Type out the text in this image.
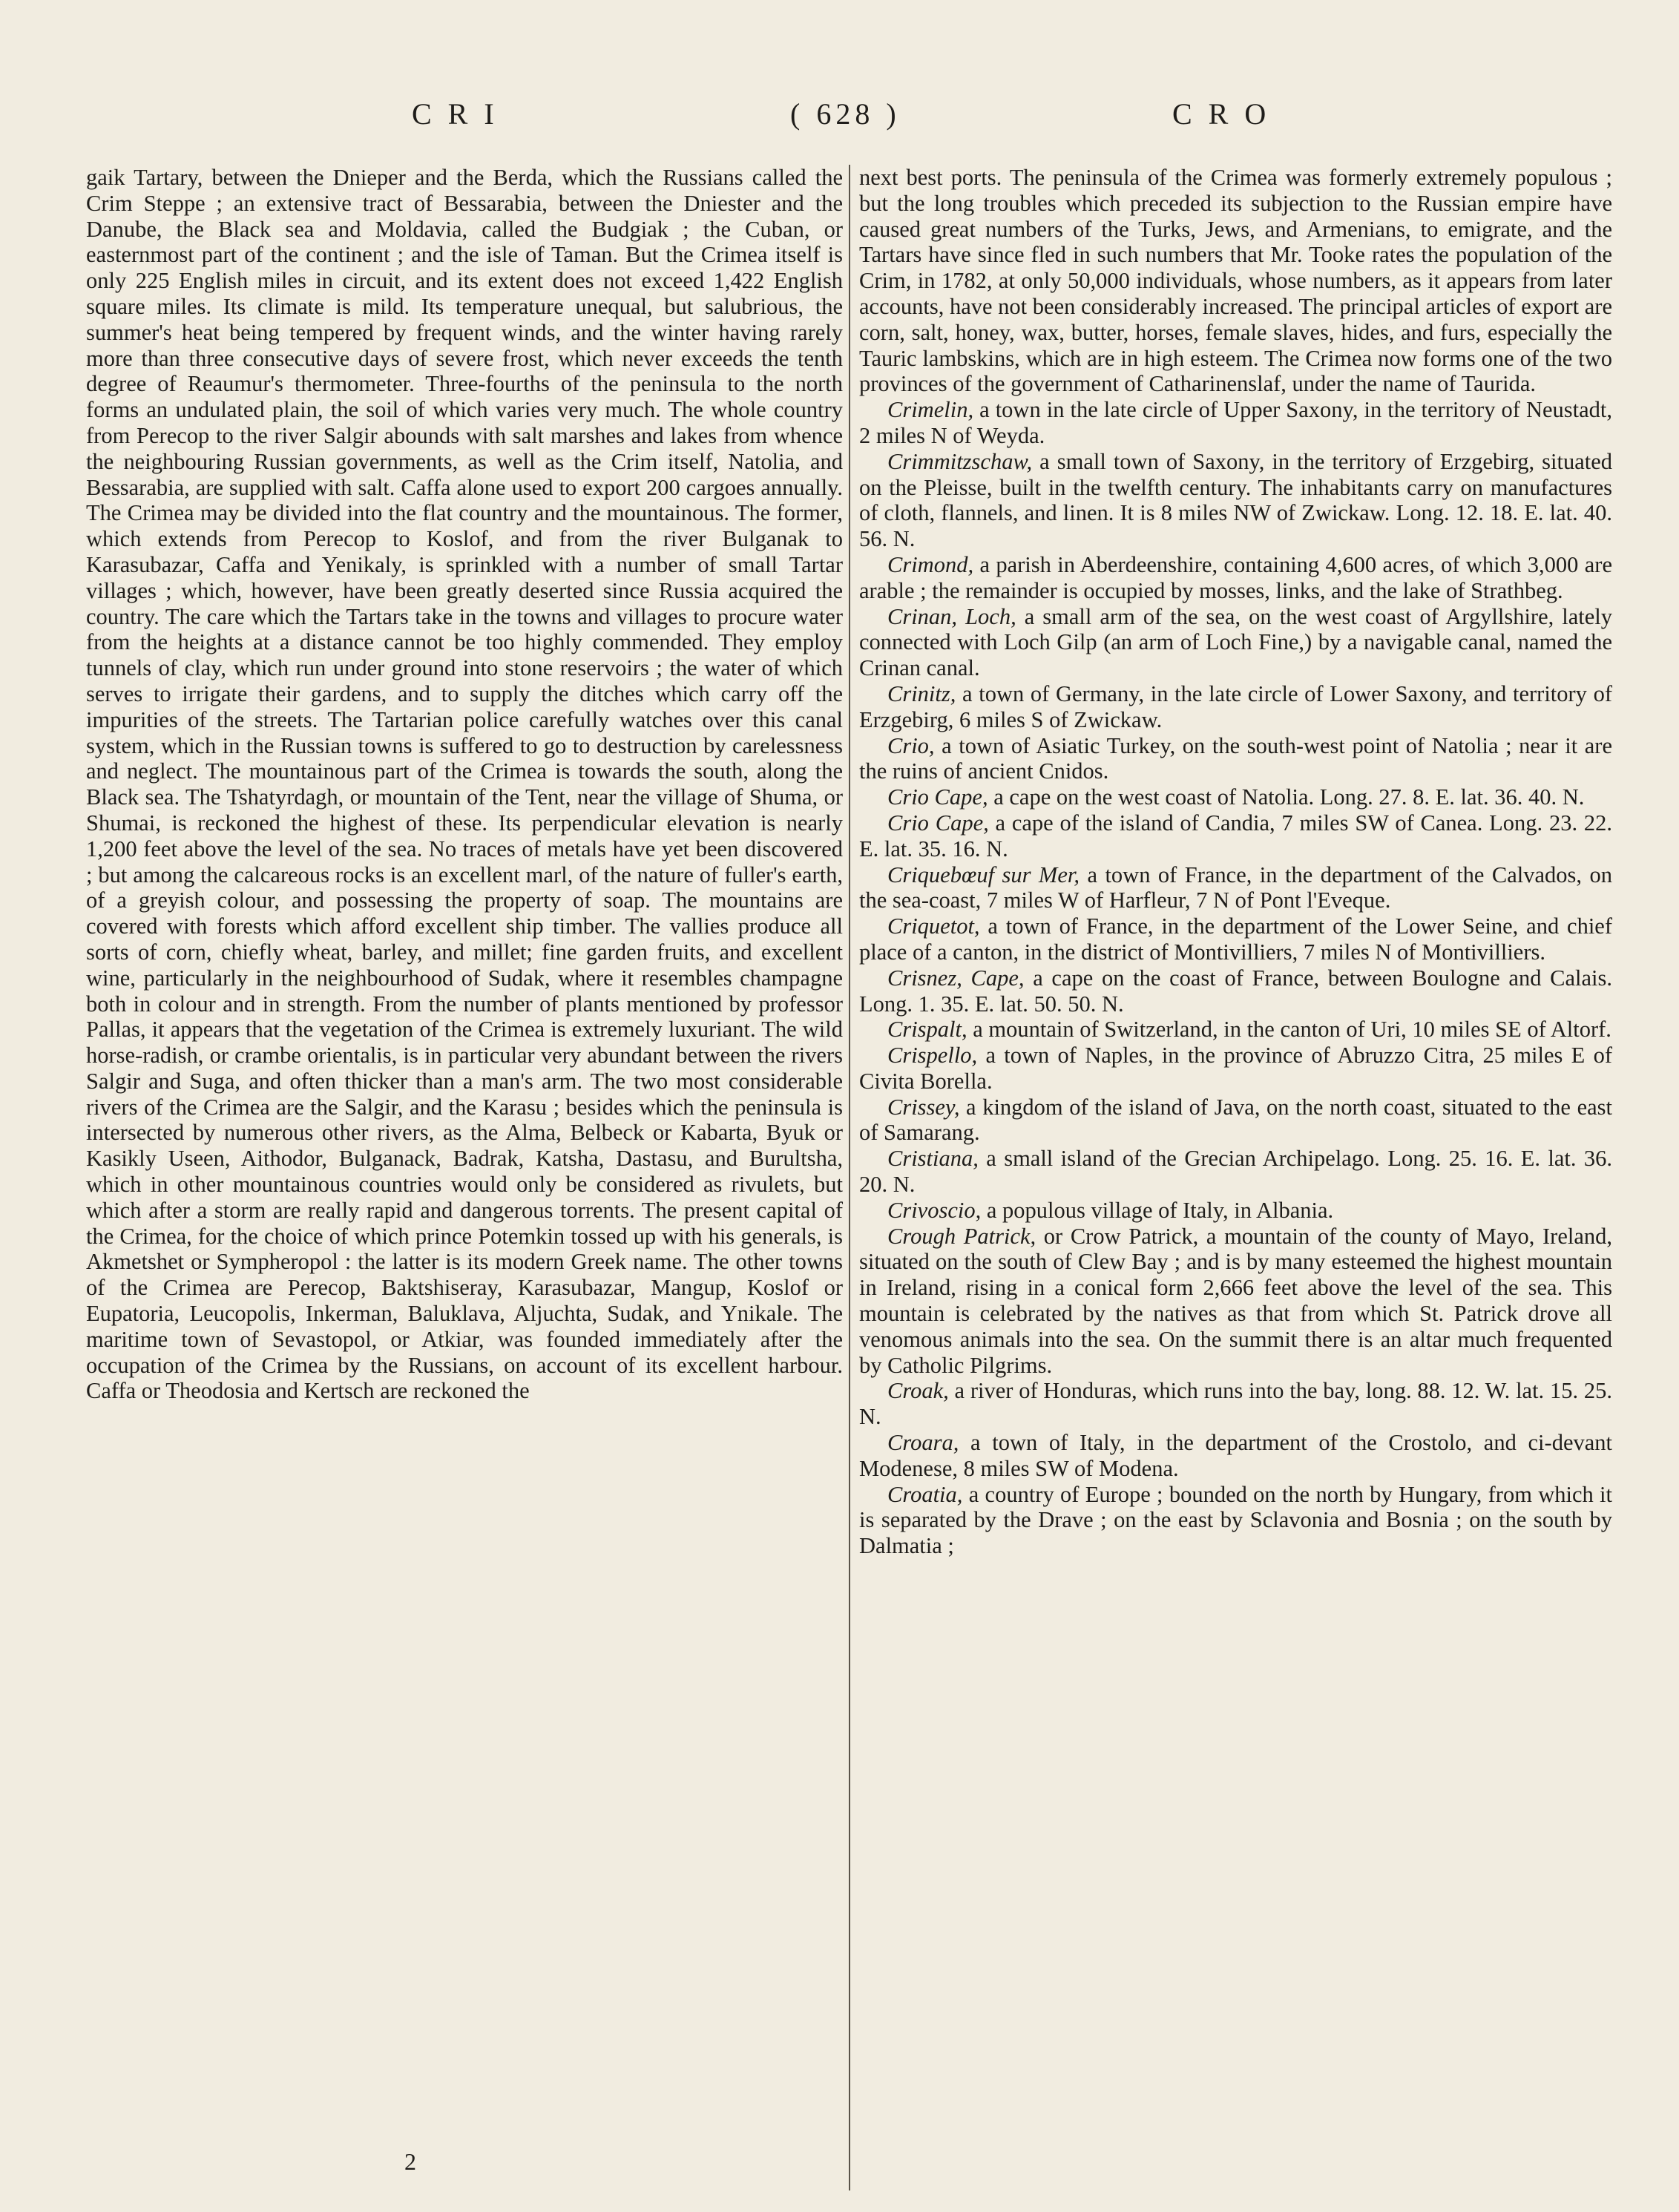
C R I	( 628 )	C R O

gaik Tartary, between the Dnieper and the Berda, which the Russians called the Crim Steppe ; an extensive tract of Bessarabia, between the Dniester and the Danube, the Black sea and Moldavia, called the Budgiak ; the Cuban, or easternmost part of the continent ; and the isle of Taman. But the Crimea itself is only 225 English miles in circuit, and its extent does not exceed 1,422 English square miles. Its climate is mild. Its temperature unequal, but salubrious, the summer's heat being tempered by frequent winds, and the winter having rarely more than three consecutive days of severe frost, which never exceeds the tenth degree of Reaumur's thermometer. Three-fourths of the peninsula to the north forms an undulated plain, the soil of which varies very much. The whole country from Perecop to the river Salgir abounds with salt marshes and lakes from whence the neighbouring Russian governments, as well as the Crim itself, Natolia, and Bessarabia, are supplied with salt. Caffa alone used to export 200 cargoes annually. The Crimea may be divided into the flat country and the mountainous. The former, which extends from Perecop to Koslof, and from the river Bulganak to Karasubazar, Caffa and Yenikaly, is sprinkled with a number of small Tartar villages ; which, however, have been greatly deserted since Russia acquired the country. The care which the Tartars take in the towns and villages to procure water from the heights at a distance cannot be too highly commended. They employ tunnels of clay, which run under ground into stone reservoirs ; the water of which serves to irrigate their gardens, and to supply the ditches which carry off the impurities of the streets. The Tartarian police carefully watches over this canal system, which in the Russian towns is suffered to go to destruction by carelessness and neglect. The mountainous part of the Crimea is towards the south, along the Black sea. The Tshatyrdagh, or mountain of the Tent, near the village of Shuma, or Shumai, is reckoned the highest of these. Its perpendicular elevation is nearly 1,200 feet above the level of the sea. No traces of metals have yet been discovered ; but among the calcareous rocks is an excellent marl, of the nature of fuller's earth, of a greyish colour, and possessing the property of soap. The mountains are covered with forests which afford excellent ship timber. The vallies produce all sorts of corn, chiefly wheat, barley, and millet; fine garden fruits, and excellent wine, particularly in the neighbourhood of Sudak, where it resembles champagne both in colour and in strength. From the number of plants mentioned by professor Pallas, it appears that the vegetation of the Crimea is extremely luxuriant. The wild horse-radish, or crambe orientalis, is in particular very abundant between the rivers Salgir and Suga, and often thicker than a man's arm. The two most considerable rivers of the Crimea are the Salgir, and the Karasu ; besides which the peninsula is intersected by numerous other rivers, as the Alma, Belbeck or Kabarta, Byuk or Kasikly Useen, Aithodor, Bulganack, Badrak, Katsha, Dastasu, and Burultsha, which in other mountainous countries would only be considered as rivulets, but which after a storm are really rapid and dangerous torrents. The present capital of the Crimea, for the choice of which prince Potemkin tossed up with his generals, is Akmetshet or Sympheropol : the latter is its modern Greek name. The other towns of the Crimea are Perecop, Baktshiseray, Karasubazar, Mangup, Koslof or Eupatoria, Leucopolis, Inkerman, Baluklava, Aljuchta, Sudak, and Ynikale. The maritime town of Sevastopol, or Atkiar, was founded immediately after the occupation of the Crimea by the Russians, on account of its excellent harbour. Caffa or Theodosia and Kertsch are reckoned the

next best ports. The peninsula of the Crimea was formerly extremely populous ; but the long troubles which preceded its subjection to the Russian empire have caused great numbers of the Turks, Jews, and Armenians, to emigrate, and the Tartars have since fled in such numbers that Mr. Tooke rates the population of the Crim, in 1782, at only 50,000 individuals, whose numbers, as it appears from later accounts, have not been considerably increased. The principal articles of export are corn, salt, honey, wax, butter, horses, female slaves, hides, and furs, especially the Tauric lambskins, which are in high esteem. The Crimea now forms one of the two provinces of the government of Catharinenslaf, under the name of Taurida.

Crimelin, a town in the late circle of Upper Saxony, in the territory of Neustadt, 2 miles N of Weyda.

Crimmitzschaw, a small town of Saxony, in the territory of Erzgebirg, situated on the Pleisse, built in the twelfth century. The inhabitants carry on manufactures of cloth, flannels, and linen. It is 8 miles NW of Zwickaw. Long. 12. 18. E. lat. 40. 56. N.

Crimond, a parish in Aberdeenshire, containing 4,600 acres, of which 3,000 are arable ; the remainder is occupied by mosses, links, and the lake of Strathbeg.

Crinan, Loch, a small arm of the sea, on the west coast of Argyllshire, lately connected with Loch Gilp (an arm of Loch Fine,) by a navigable canal, named the Crinan canal.

Crinitz, a town of Germany, in the late circle of Lower Saxony, and territory of Erzgebirg, 6 miles S of Zwickaw.

Crio, a town of Asiatic Turkey, on the south-west point of Natolia ; near it are the ruins of ancient Cnidos.

Crio Cape, a cape on the west coast of Natolia. Long. 27. 8. E. lat. 36. 40. N.

Crio Cape, a cape of the island of Candia, 7 miles SW of Canea. Long. 23. 22. E. lat. 35. 16. N.

Criquebœuf sur Mer, a town of France, in the department of the Calvados, on the sea-coast, 7 miles W of Harfleur, 7 N of Pont l'Eveque.

Criquetot, a town of France, in the department of the Lower Seine, and chief place of a canton, in the district of Montivilliers, 7 miles N of Montivilliers.

Crisnez, Cape, a cape on the coast of France, between Boulogne and Calais. Long. 1. 35. E. lat. 50. 50. N.

Crispalt, a mountain of Switzerland, in the canton of Uri, 10 miles SE of Altorf.

Crispello, a town of Naples, in the province of Abruzzo Citra, 25 miles E of Civita Borella.

Crissey, a kingdom of the island of Java, on the north coast, situated to the east of Samarang.

Cristiana, a small island of the Grecian Archipelago. Long. 25. 16. E. lat. 36. 20. N.

Crivoscio, a populous village of Italy, in Albania.

Crough Patrick, or Crow Patrick, a mountain of the county of Mayo, Ireland, situated on the south of Clew Bay ; and is by many esteemed the highest mountain in Ireland, rising in a conical form 2,666 feet above the level of the sea. This mountain is celebrated by the natives as that from which St. Patrick drove all venomous animals into the sea. On the summit there is an altar much frequented by Catholic Pilgrims.

Croak, a river of Honduras, which runs into the bay, long. 88. 12. W. lat. 15. 25. N.

Croara, a town of Italy, in the department of the Crostolo, and ci-devant Modenese, 8 miles SW of Modena.

Croatia, a country of Europe ; bounded on the north by Hungary, from which it is separated by the Drave ; on the east by Sclavonia and Bosnia ; on the south by Dalmatia ;

2
